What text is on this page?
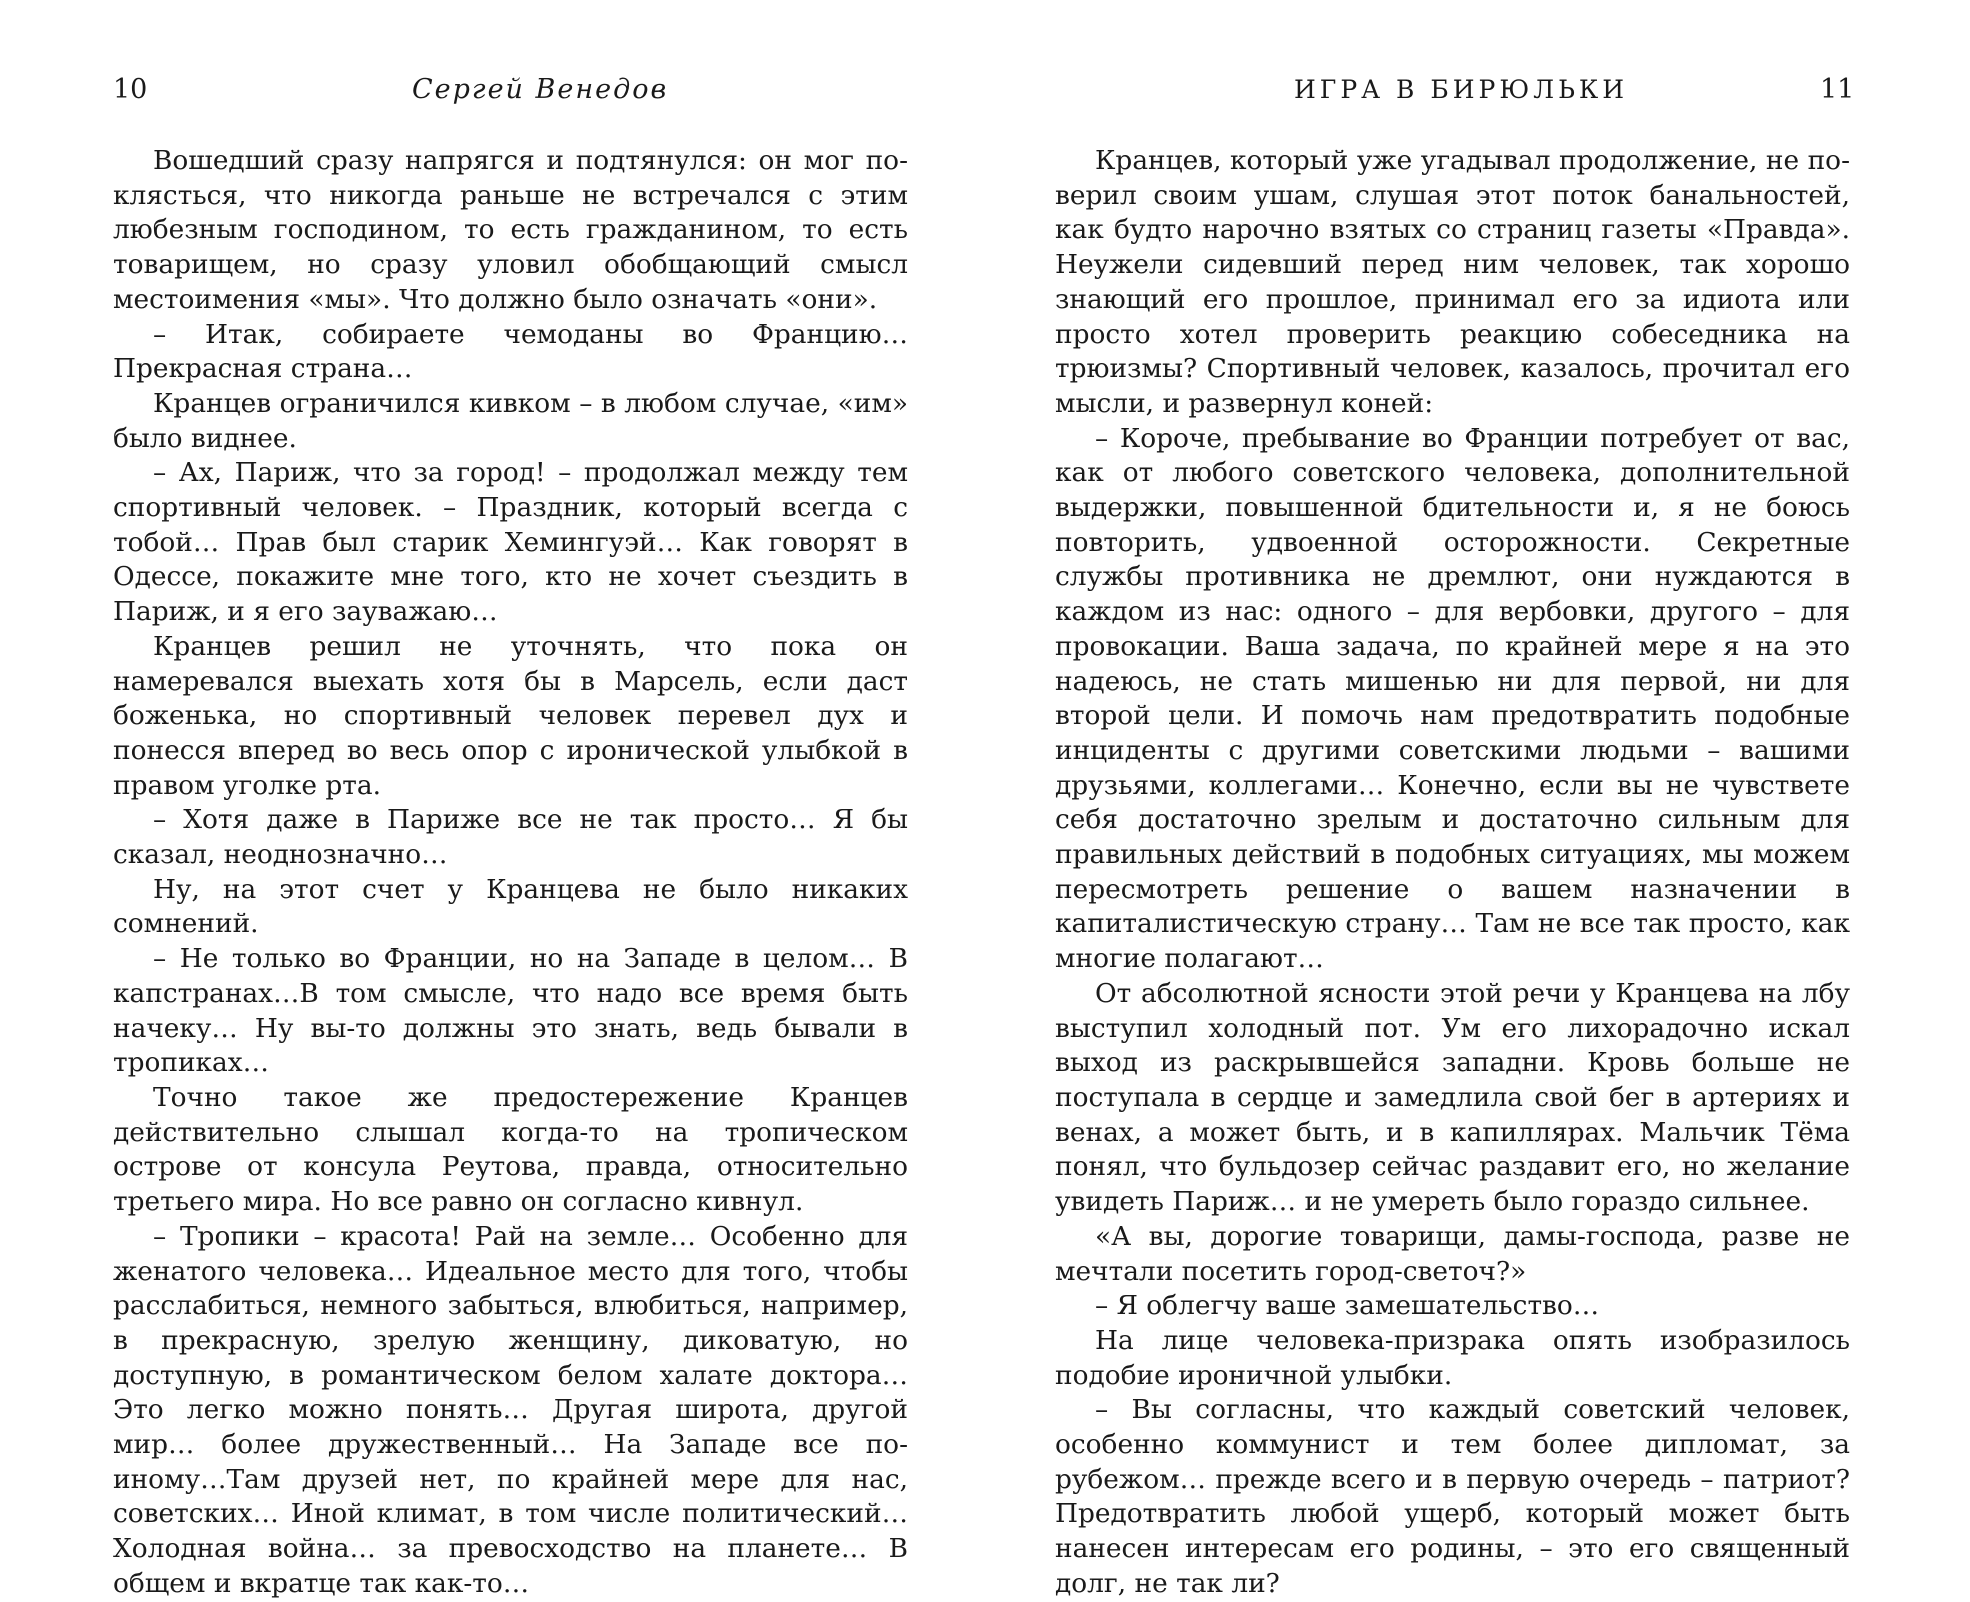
10	Сергей Венедов

Вошедший сразу напрягся и подтянулся: он мог поклясться, что никогда раньше не встречался с этим любезным господином, то есть гражданином, то есть товарищем, но сразу уловил обобщающий смысл местоимения «мы». Что должно было означать «они».

– Итак, собираете чемоданы во Францию… Прекрасная страна…

Кранцев ограничился кивком – в любом случае, «им» было виднее.

– Ах, Париж, что за город! – продолжал между тем спортивный человек. – Праздник, который всегда с тобой… Прав был старик Хемингуэй… Как говорят в Одессе, покажите мне того, кто не хочет съездить в Париж, и я его зауважаю…

Кранцев решил не уточнять, что пока он намеревался выехать хотя бы в Марсель, если даст боженька, но спортивный человек перевел дух и понесся вперед во весь опор с иронической улыбкой в правом уголке рта.

– Хотя даже в Париже все не так просто… Я бы сказал, неоднозначно…

Ну, на этот счет у Кранцева не было никаких сомнений.

– Не только во Франции, но на Западе в целом… В капстранах…В том смысле, что надо все время быть начеку… Ну вы-то должны это знать, ведь бывали в тропиках…

Точно такое же предостережение Кранцев действительно слышал когда-то на тропическом острове от консула Реутова, правда, относительно третьего мира. Но все равно он согласно кивнул.

– Тропики – красота! Рай на земле… Особенно для женатого человека… Идеальное место для того, чтобы расслабиться, немного забыться, влюбиться, например, в прекрасную, зрелую женщину, диковатую, но доступную, в романтическом белом халате доктора… Это легко можно понять… Другая широта, другой мир… более дружественный… На Западе все по-иному…Там друзей нет, по крайней мере для нас, советских… Иной климат, в том числе политический… Холодная война… за превосходство на планете… В общем и вкратце так как-то…

ИГРА В БИРЮЛЬКИ	11

Кранцев, который уже угадывал продолжение, не поверил своим ушам, слушая этот поток банальностей, как будто нарочно взятых со страниц газеты «Правда». Неужели сидевший перед ним человек, так хорошо знающий его прошлое, принимал его за идиота или просто хотел проверить реакцию собеседника на трюизмы? Спортивный человек, казалось, прочитал его мысли, и развернул коней:

– Короче, пребывание во Франции потребует от вас, как от любого советского человека, дополнительной выдержки, повышенной бдительности и, я не боюсь повторить, удвоенной осторожности. Секретные службы противника не дремлют, они нуждаются в каждом из нас: одного – для вербовки, другого – для провокации. Ваша задача, по крайней мере я на это надеюсь, не стать мишенью ни для первой, ни для второй цели. И помочь нам предотвратить подобные инциденты с другими советскими людьми – вашими друзьями, коллегами… Конечно, если вы не чувствете себя достаточно зрелым и достаточно сильным для правильных действий в подобных ситуациях, мы можем пересмотреть решение о вашем назначении в капиталистическую страну… Там не все так просто, как многие полагают…

От абсолютной ясности этой речи у Кранцева на лбу выступил холодный пот. Ум его лихорадочно искал выход из раскрывшейся западни. Кровь больше не поступала в сердце и замедлила свой бег в артериях и венах, а может быть, и в капиллярах. Мальчик Тёма понял, что бульдозер сейчас раздавит его, но желание увидеть Париж… и не умереть было гораздо сильнее.

«А вы, дорогие товарищи, дамы-господа, разве не мечтали посетить город-светоч?»

– Я облегчу ваше замешательство…

На лице человека-призрака опять изобразилось подобие ироничной улыбки.

– Вы согласны, что каждый советский человек, особенно коммунист и тем более дипломат, за рубежом… прежде всего и в первую очередь – патриот? Предотвратить любой ущерб, который может быть нанесен интересам его родины, – это его священный долг, не так ли?
